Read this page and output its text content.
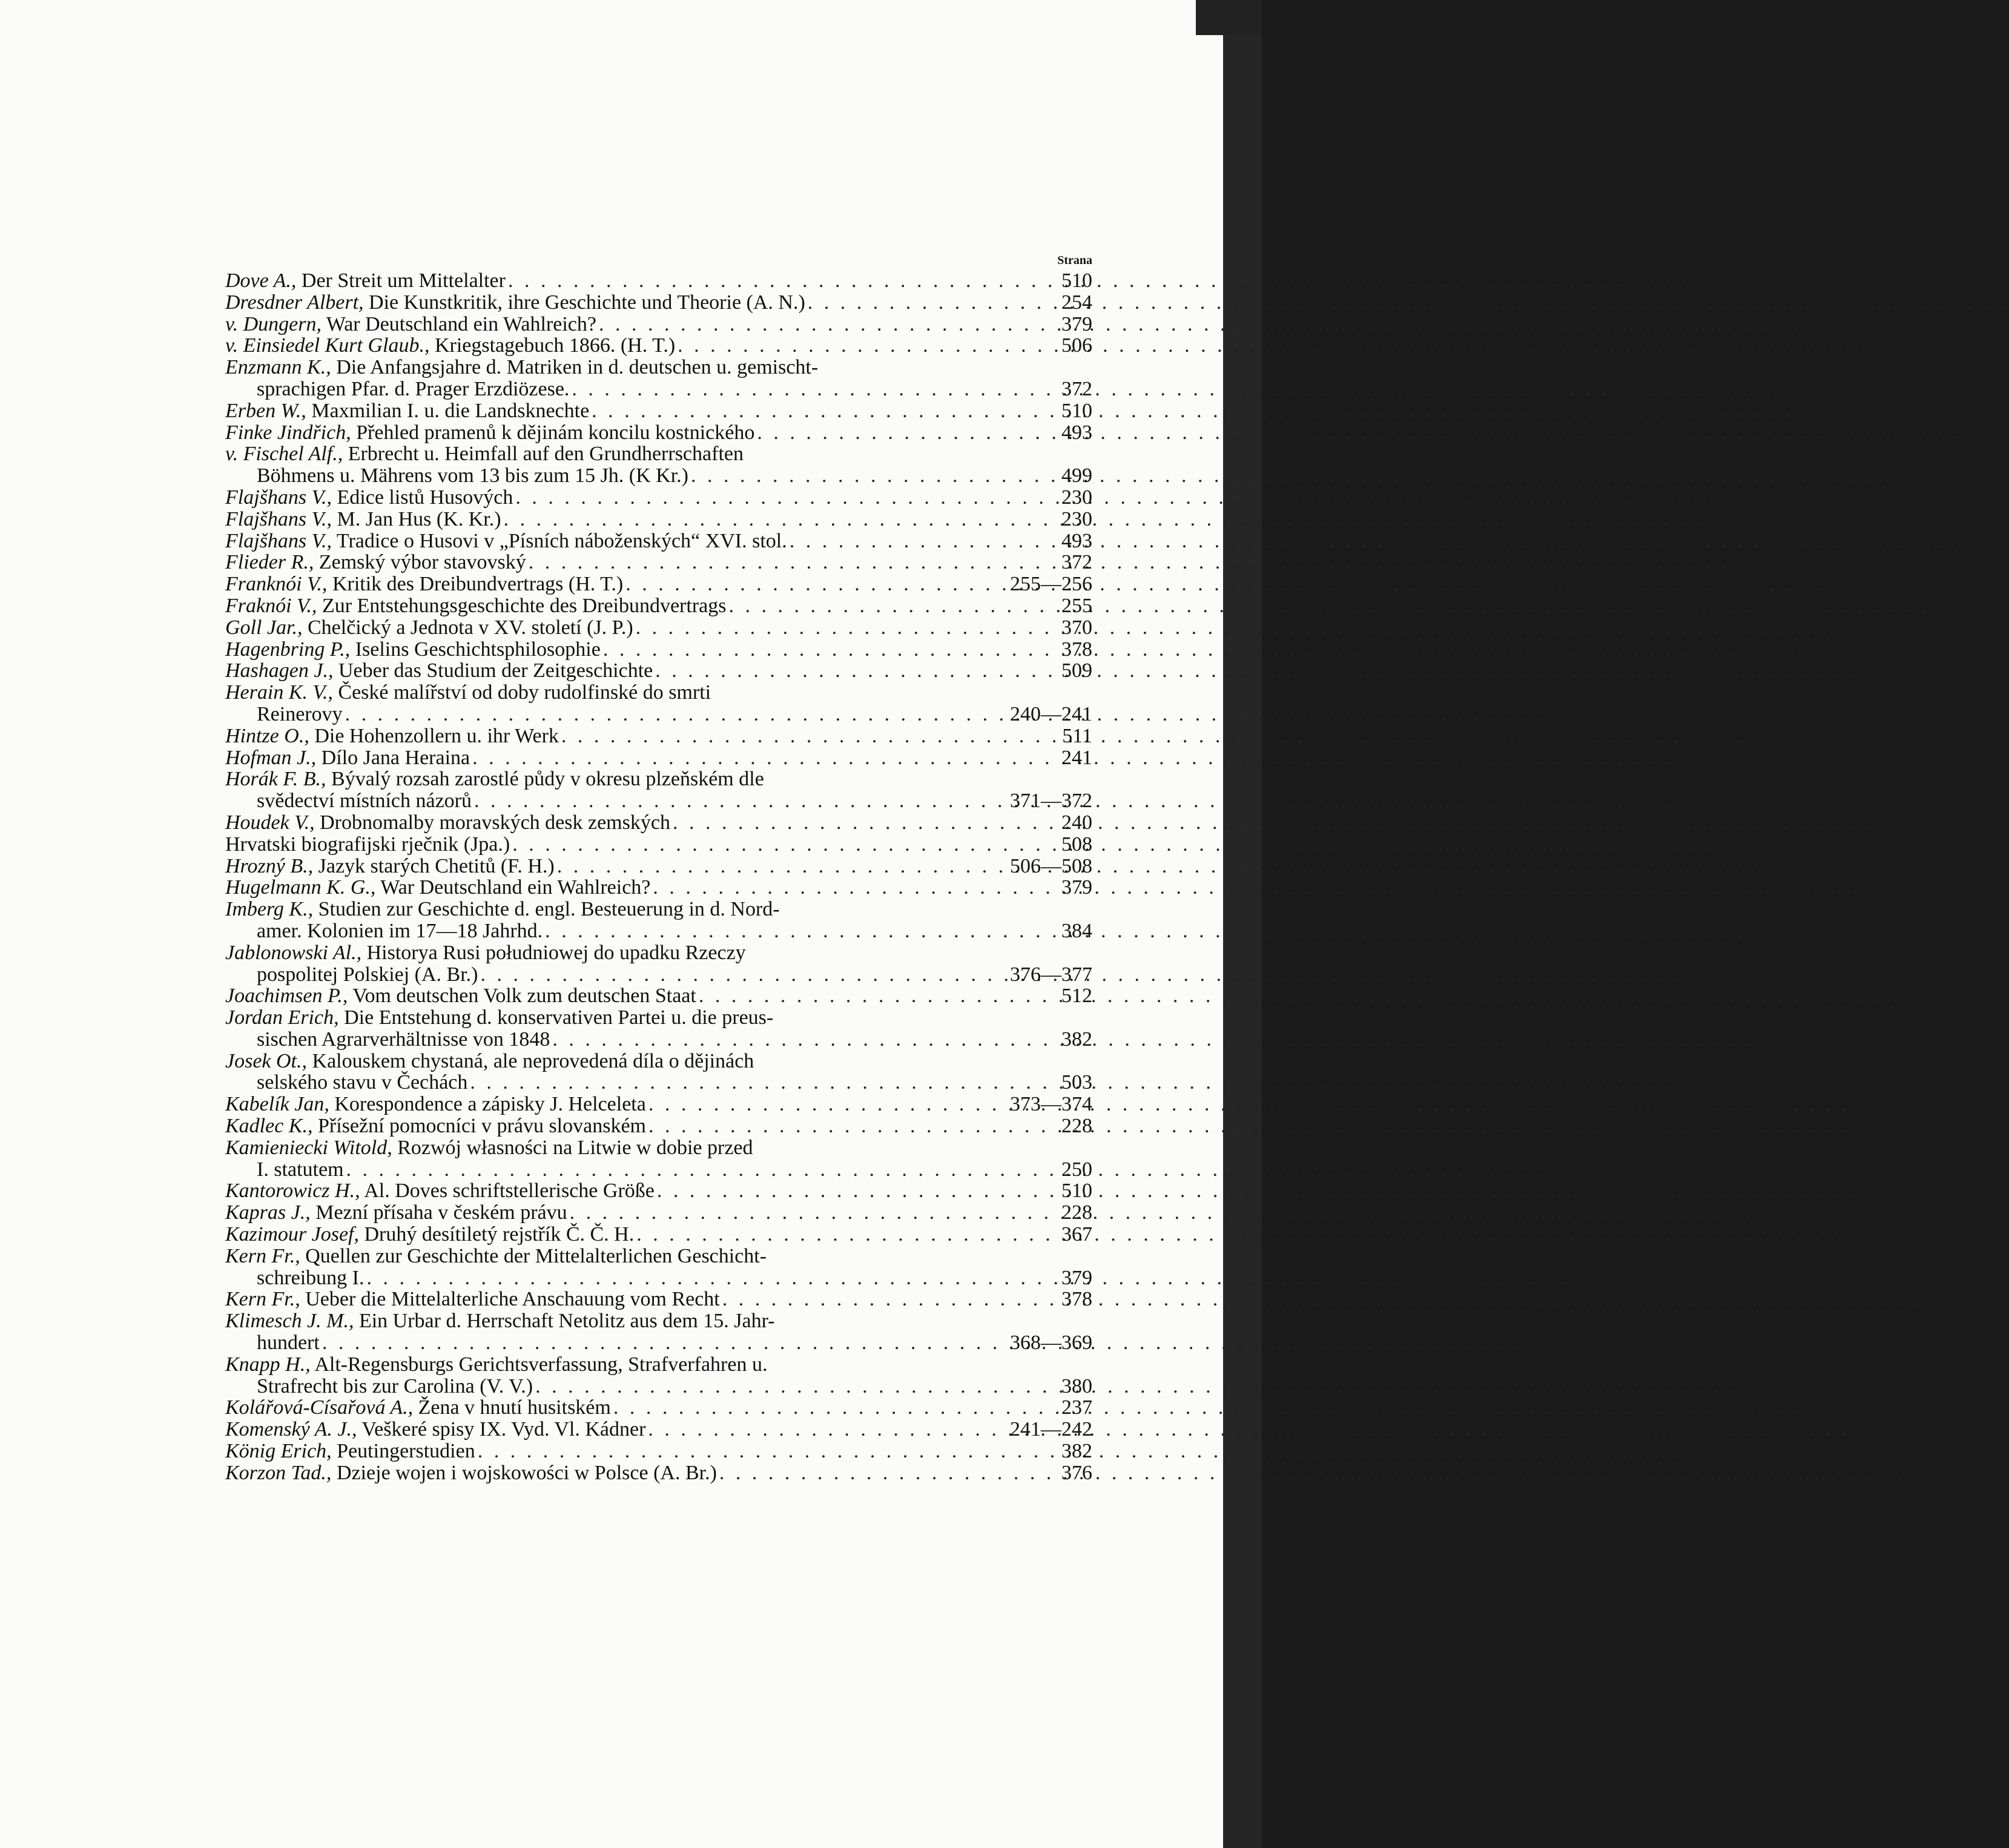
Strana
Dove A., Der Streit um Mittelalter . . .	510
Dresdner Albert, Die Kunstkritik, ihre Geschichte und Theorie (A. N.) . . .	254
v. Dungern, War Deutschland ein Wahlreich? . . .	379
v. Einsiedel Kurt Glaub., Kriegstagebuch 1866. (H. T.) . . .	506
Enzmann K., Die Anfangsjahre d. Matriken in d. deutschen u. gemischt-
sprachigen Pfar. d. Prager Erzdiözese. . . .	372
Erben W., Maxmilian I. u. die Landsknechte . . .	510
Finke Jindřich, Přehled pramenů k dějinám koncilu kostnického . . .	493
v. Fischel Alf., Erbrecht u. Heimfall auf den Grundherrschaften
Böhmens u. Mährens vom 13 bis zum 15 Jh. (K Kr.) . . .	499
Flajšhans V., Edice listů Husových . . .	230
Flajšhans V., M. Jan Hus (K. Kr.) . . .	230
Flajšhans V., Tradice o Husovi v „Písních náboženských“ XVI. stol. . . .	493
Flieder R., Zemský výbor stavovský . . .	372
Franknói V., Kritik des Dreibundvertrags (H. T.) . . .	255—256
Fraknói V., Zur Entstehungsgeschichte des Dreibundvertrags . . .	255
Goll Jar., Chelčický a Jednota v XV. století (J. P.) . . .	370
Hagenbring P., Iselins Geschichtsphilosophie . . .	378
Hashagen J., Ueber das Studium der Zeitgeschichte . . .	509
Herain K. V., České malířství od doby rudolfinské do smrti
Reinerovy . . .	240—241
Hintze O., Die Hohenzollern u. ihr Werk . . .	511
Hofman J., Dílo Jana Heraina . . .	241
Horák F. B., Bývalý rozsah zarostlé půdy v okresu plzeňském dle
svědectví místních názorů . . .	371—372
Houdek V., Drobnomalby moravských desk zemských . . .	240
Hrvatski biografijski rječnik (Jpa.) . . .	508
Hrozný B., Jazyk starých Chetitů (F. H.) . . .	506—508
Hugelmann K. G., War Deutschland ein Wahlreich? . . .	379
Imberg K., Studien zur Geschichte d. engl. Besteuerung in d. Nord-
amer. Kolonien im 17—18 Jahrhd. . . .	384
Jablonowski Al., Historya Rusi południowej do upadku Rzeczy
pospolitej Polskiej (A. Br.) . . .	376—377
Joachimsen P., Vom deutschen Volk zum deutschen Staat . . .	512
Jordan Erich, Die Entstehung d. konservativen Partei u. die preus-
sischen Agrarverhältnisse von 1848 . . .	382
Josek Ot., Kalouskem chystaná, ale neprovedená díla o dějinách
selského stavu v Čechách . . .	503
Kabelík Jan, Korespondence a zápisky J. Helceleta . . .	373—374
Kadlec K., Přísežní pomocníci v právu slovanském . . .	228
Kamieniecki Witold, Rozwój własności na Litwie w dobie przed
I. statutem . . .	250
Kantorowicz H., Al. Doves schriftstellerische Größe . . .	510
Kapras J., Mezní přísaha v českém právu . . .	228
Kazimour Josef, Druhý desítiletý rejstřík Č. Č. H. . . .	367
Kern Fr., Quellen zur Geschichte der Mittelalterlichen Geschicht-
schreibung I. . . .	379
Kern Fr., Ueber die Mittelalterliche Anschauung vom Recht . . .	378
Klimesch J. M., Ein Urbar d. Herrschaft Netolitz aus dem 15. Jahr-
hundert . . .	368—369
Knapp H., Alt-Regensburgs Gerichtsverfassung, Strafverfahren u.
Strafrecht bis zur Carolina (V. V.) . . .	380
Kolářová-Císařová A., Žena v hnutí husitském . . .	237
Komenský A. J., Veškeré spisy IX. Vyd. Vl. Kádner . . .	241—242
König Erich, Peutingerstudien . . .	382
Korzon Tad., Dzieje wojen i wojskowości w Polsce (A. Br.) . . .	376
